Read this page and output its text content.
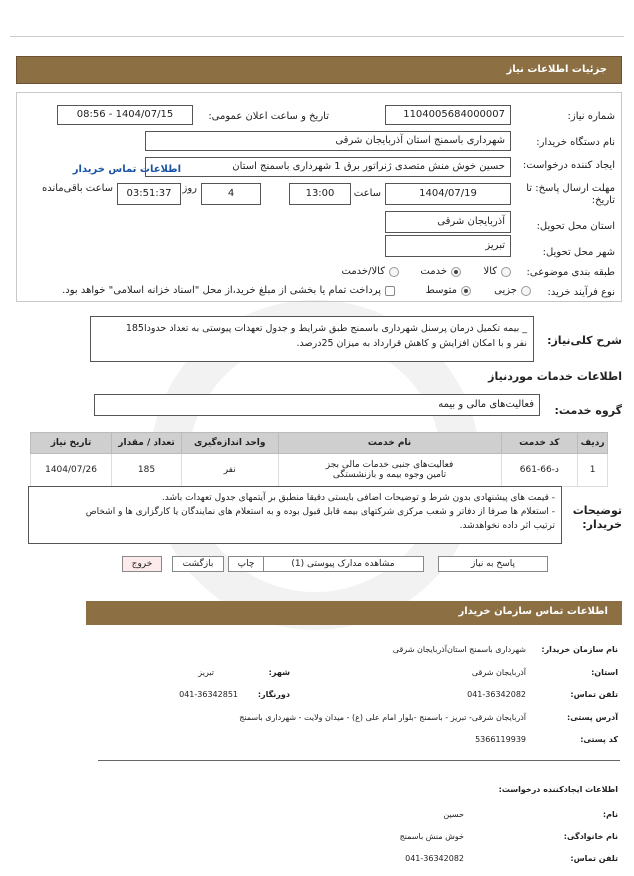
جزئیات اطلاعات نیاز
شماره نیاز:
1104005684000007
تاریخ و ساعت اعلان عمومی:
1404/07/15 - 08:56
نام دستگاه خریدار:
شهرداری باسمنج استان آذربایجان شرقی
ایجاد کننده درخواست:
حسین خوش منش متصدی ژنراتور برق 1 شهرداری باسمنج استان
اطلاعات تماس خریدار
مهلت ارسال پاسخ: تا تاریخ:
1404/07/19
ساعت
13:00
4
روز
03:51:37
ساعت باقی‌مانده
استان محل تحویل:
آذربایجان شرقی
شهر محل تحویل:
تبریز
طبقه بندی موضوعی:
کالا
خدمت
کالا/خدمت
نوع فرآیند خرید:
جزیی
متوسط
پرداخت تمام یا بخشی از مبلغ خرید،از محل "اسناد خزانه اسلامی" خواهد بود.
شرح کلی‌نیاز:
_ بیمه تکمیل درمان پرسنل شهرداری باسمنج طبق شرایط و جدول تعهدات پیوستی به تعداد حدودا185
نفر و با امکان افزایش و کاهش قرارداد به میزان 25درصد.
اطلاعات خدمات موردنیاز
گروه خدمت:
فعالیت‌های مالی و بیمه
ردیف	کد خدمت	نام خدمت	واحد اندازه‌گیری	تعداد / مقدار	تاریخ نیاز
1	د-66-661	فعالیت‌های جنبی خدمات مالی بجز
تامین وجوه بیمه و بازنشستگی	نفر	185	1404/07/26
توضیحات خریدار:
- قیمت های پیشنهادی بدون شرط و توضیحات اضافی بایستی دقیقا منطبق بر آیتمهای جدول تعهدات باشد.
- استعلام ها صرفا از دفاتر و شعب مرکزی شرکتهای بیمه قابل قبول بوده و به استعلام های نمایندگان یا کارگزاری ها و اشخاص
ترتیب اثر داده نخواهدشد.
پاسخ به نیاز
مشاهده مدارک پیوستی (1)
چاپ
بازگشت
خروج
اطلاعات تماس سازمان خریدار
نام سازمان خریدار:
شهرداری باسمنج استان‌آذربایجان شرقی
استان:
آذربایجان شرقی
شهر:
تبریز
تلفن تماس:
041-36342082
دورنگار:
041-36342851
آدرس پستی:
آذربایجان شرقی- تبریز - باسمنج -بلوار امام علی (ع) - میدان ولایت - شهرداری باسمنج
کد پستی:
5366119939
اطلاعات ایجادکننده درخواست:
نام:
حسین
نام خانوادگی:
خوش منش باسمنج
تلفن تماس:
041-36342082
